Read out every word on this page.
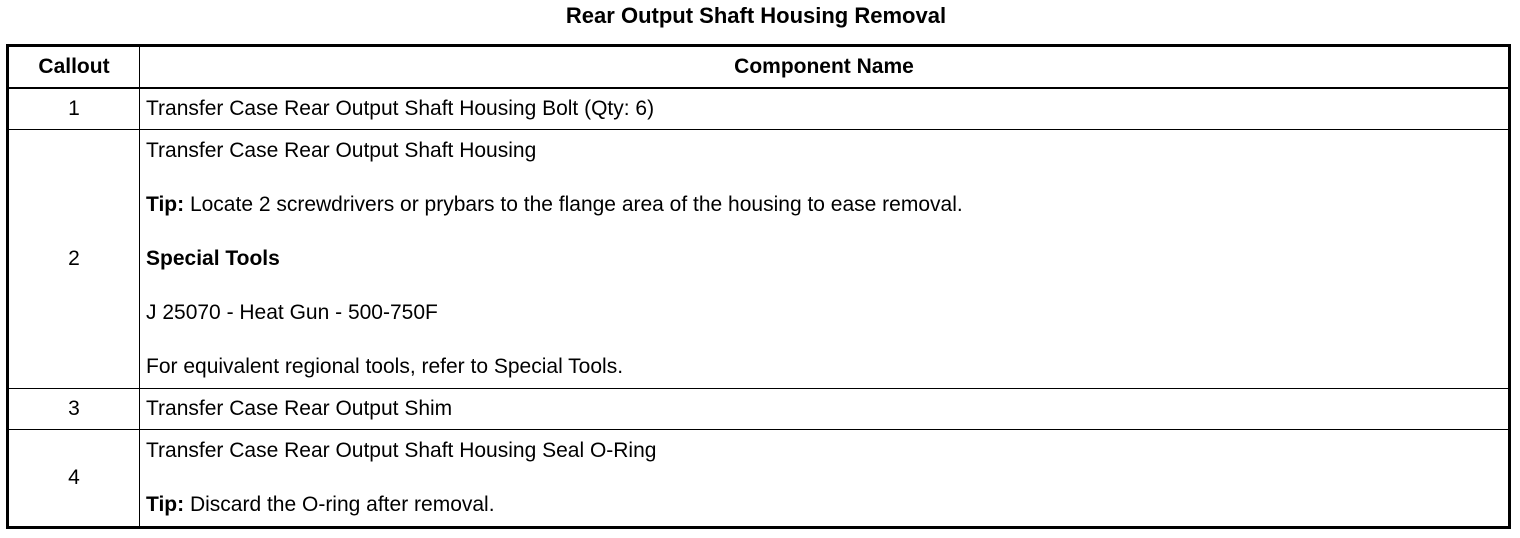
Rear Output Shaft Housing Removal
Callout	Component Name
1	Transfer Case Rear Output Shaft Housing Bolt (Qty: 6)
2	Transfer Case Rear Output Shaft Housing

Tip: Locate 2 screwdrivers or prybars to the flange area of the housing to ease removal.

Special Tools

J 25070 - Heat Gun - 500-750F

For equivalent regional tools, refer to Special Tools.

3	Transfer Case Rear Output Shim
4	Transfer Case Rear Output Shaft Housing Seal O-Ring

Tip: Discard the O-ring after removal.
